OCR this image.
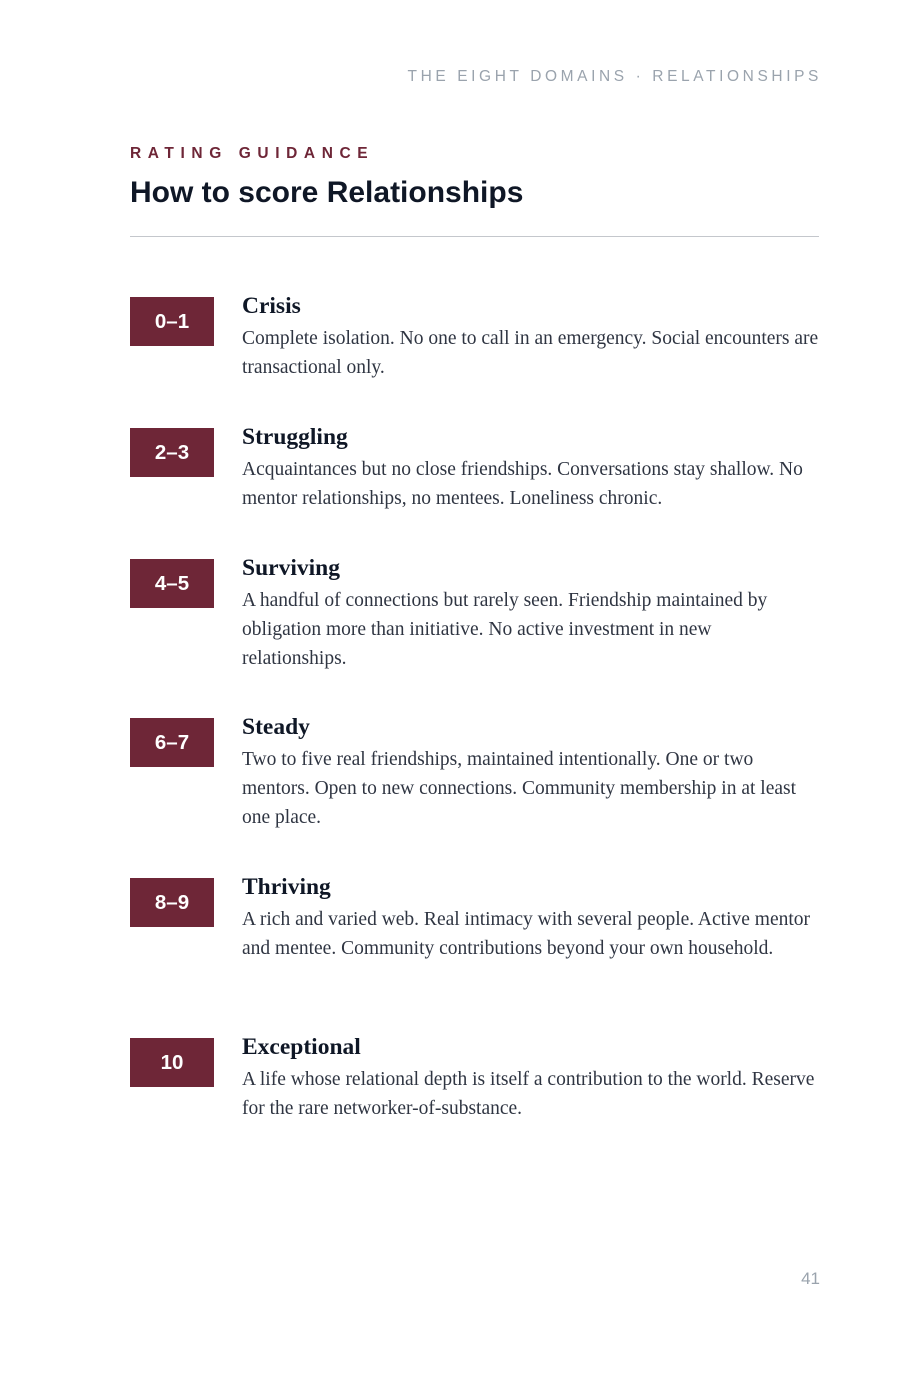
THE EIGHT DOMAINS · RELATIONSHIPS
RATING GUIDANCE
How to score Relationships
0–1
Crisis
Complete isolation. No one to call in an emergency. Social encounters are transactional only.
2–3
Struggling
Acquaintances but no close friendships. Conversations stay shallow. No mentor relationships, no mentees. Loneliness chronic.
4–5
Surviving
A handful of connections but rarely seen. Friendship maintained by obligation more than initiative. No active investment in new relationships.
6–7
Steady
Two to five real friendships, maintained intentionally. One or two mentors. Open to new connections. Community membership in at least one place.
8–9
Thriving
A rich and varied web. Real intimacy with several people. Active mentor and mentee. Community contributions beyond your own household.
10
Exceptional
A life whose relational depth is itself a contribution to the world. Reserve for the rare networker-of-substance.
41
